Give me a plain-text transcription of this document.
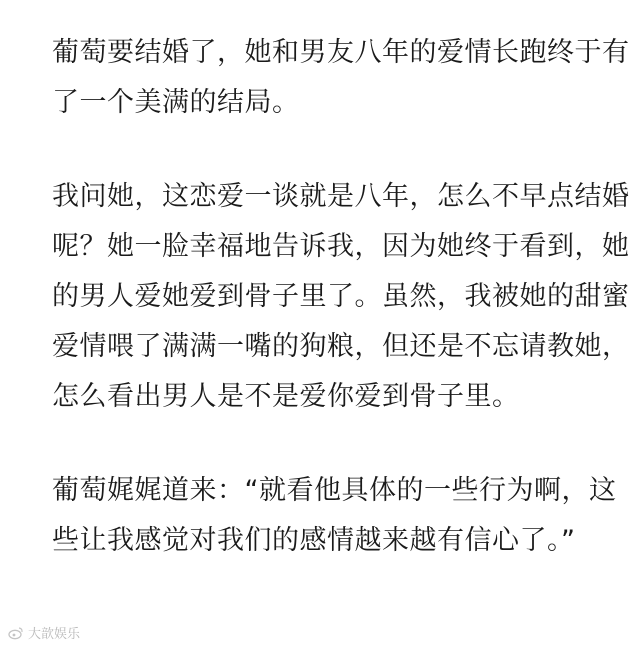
葡萄要结婚了，她和男友八年的爱情长跑终于有
了一个美满的结局。
我问她，这恋爱一谈就是八年，怎么不早点结婚
呢？她一脸幸福地告诉我，因为她终于看到，她
的男人爱她爱到骨子里了。虽然，我被她的甜蜜
爱情喂了满满一嘴的狗粮，但还是不忘请教她，
怎么看出男人是不是爱你爱到骨子里。
葡萄娓娓道来：“就看他具体的一些行为啊，这
些让我感觉对我们的感情越来越有信心了。”
大歆娱乐
